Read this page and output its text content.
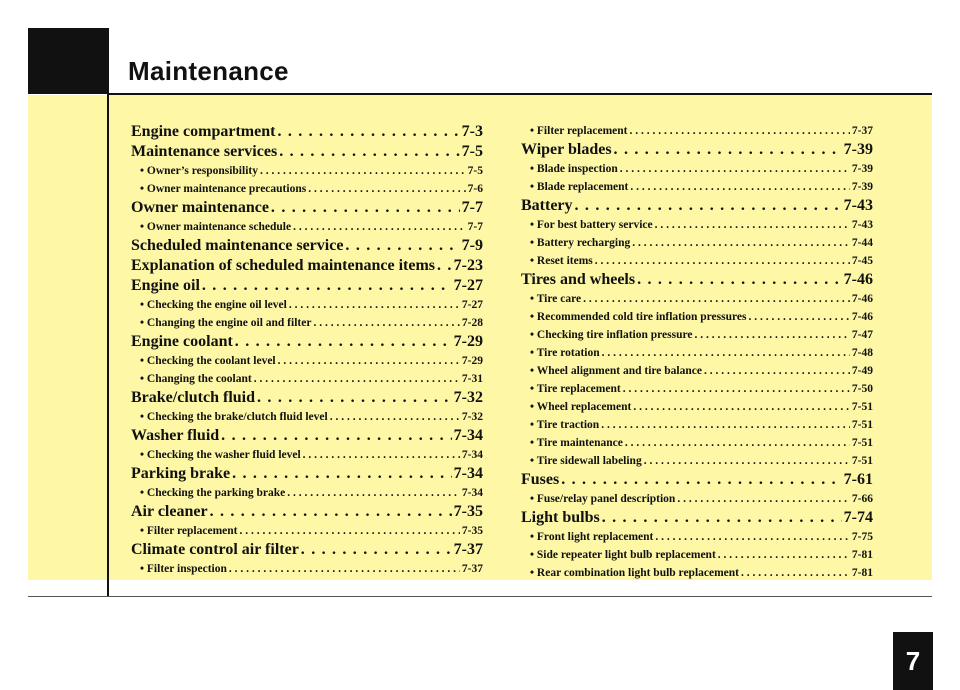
Maintenance
7
Engine compartment . . .	7-3
Maintenance services . . .	7-5
• Owner’s responsibility . . .	7-5
• Owner maintenance precautions . . .	7-6
Owner maintenance . . .	7-7
• Owner maintenance schedule . . .	7-7
Scheduled maintenance service . . .	7-9
Explanation of scheduled maintenance items . . . 7-23
Engine oil . . .	7-27
• Checking the engine oil level . . .	7-27
• Changing the engine oil and filter . . .	7-28
Engine coolant . . .	7-29
• Checking the coolant level . . .	7-29
• Changing the coolant . . .	7-31
Brake/clutch fluid . . .	7-32
• Checking the brake/clutch fluid level . . .	7-32
Washer fluid . . .	7-34
• Checking the washer fluid level . . .	7-34
Parking brake . . .	7-34
• Checking the parking brake . . .	7-34
Air cleaner . . .	7-35
• Filter replacement . . .	7-35
Climate control air filter . . .	7-37
• Filter inspection . . .	7-37
• Filter replacement . . .	7-37
Wiper blades . . .	7-39
• Blade inspection . . .	7-39
• Blade replacement . . .	7-39
Battery . . .	7-43
• For best battery service . . .	7-43
• Battery recharging . . .	7-44
• Reset items . . .	7-45
Tires and wheels . . .	7-46
• Tire care . . .	7-46
• Recommended cold tire inflation pressures . . .	7-46
• Checking tire inflation pressure . . .	7-47
• Tire rotation . . .	7-48
• Wheel alignment and tire balance . . .	7-49
• Tire replacement . . .	7-50
• Wheel replacement . . .	7-51
• Tire traction . . .	7-51
• Tire maintenance . . .	7-51
• Tire sidewall labeling . . .	7-51
Fuses . . .	7-61
• Fuse/relay panel description . . .	7-66
Light bulbs . . .	7-74
• Front light replacement . . .	7-75
• Side repeater light bulb replacement . . .	7-81
• Rear combination light bulb replacement . . .	7-81
